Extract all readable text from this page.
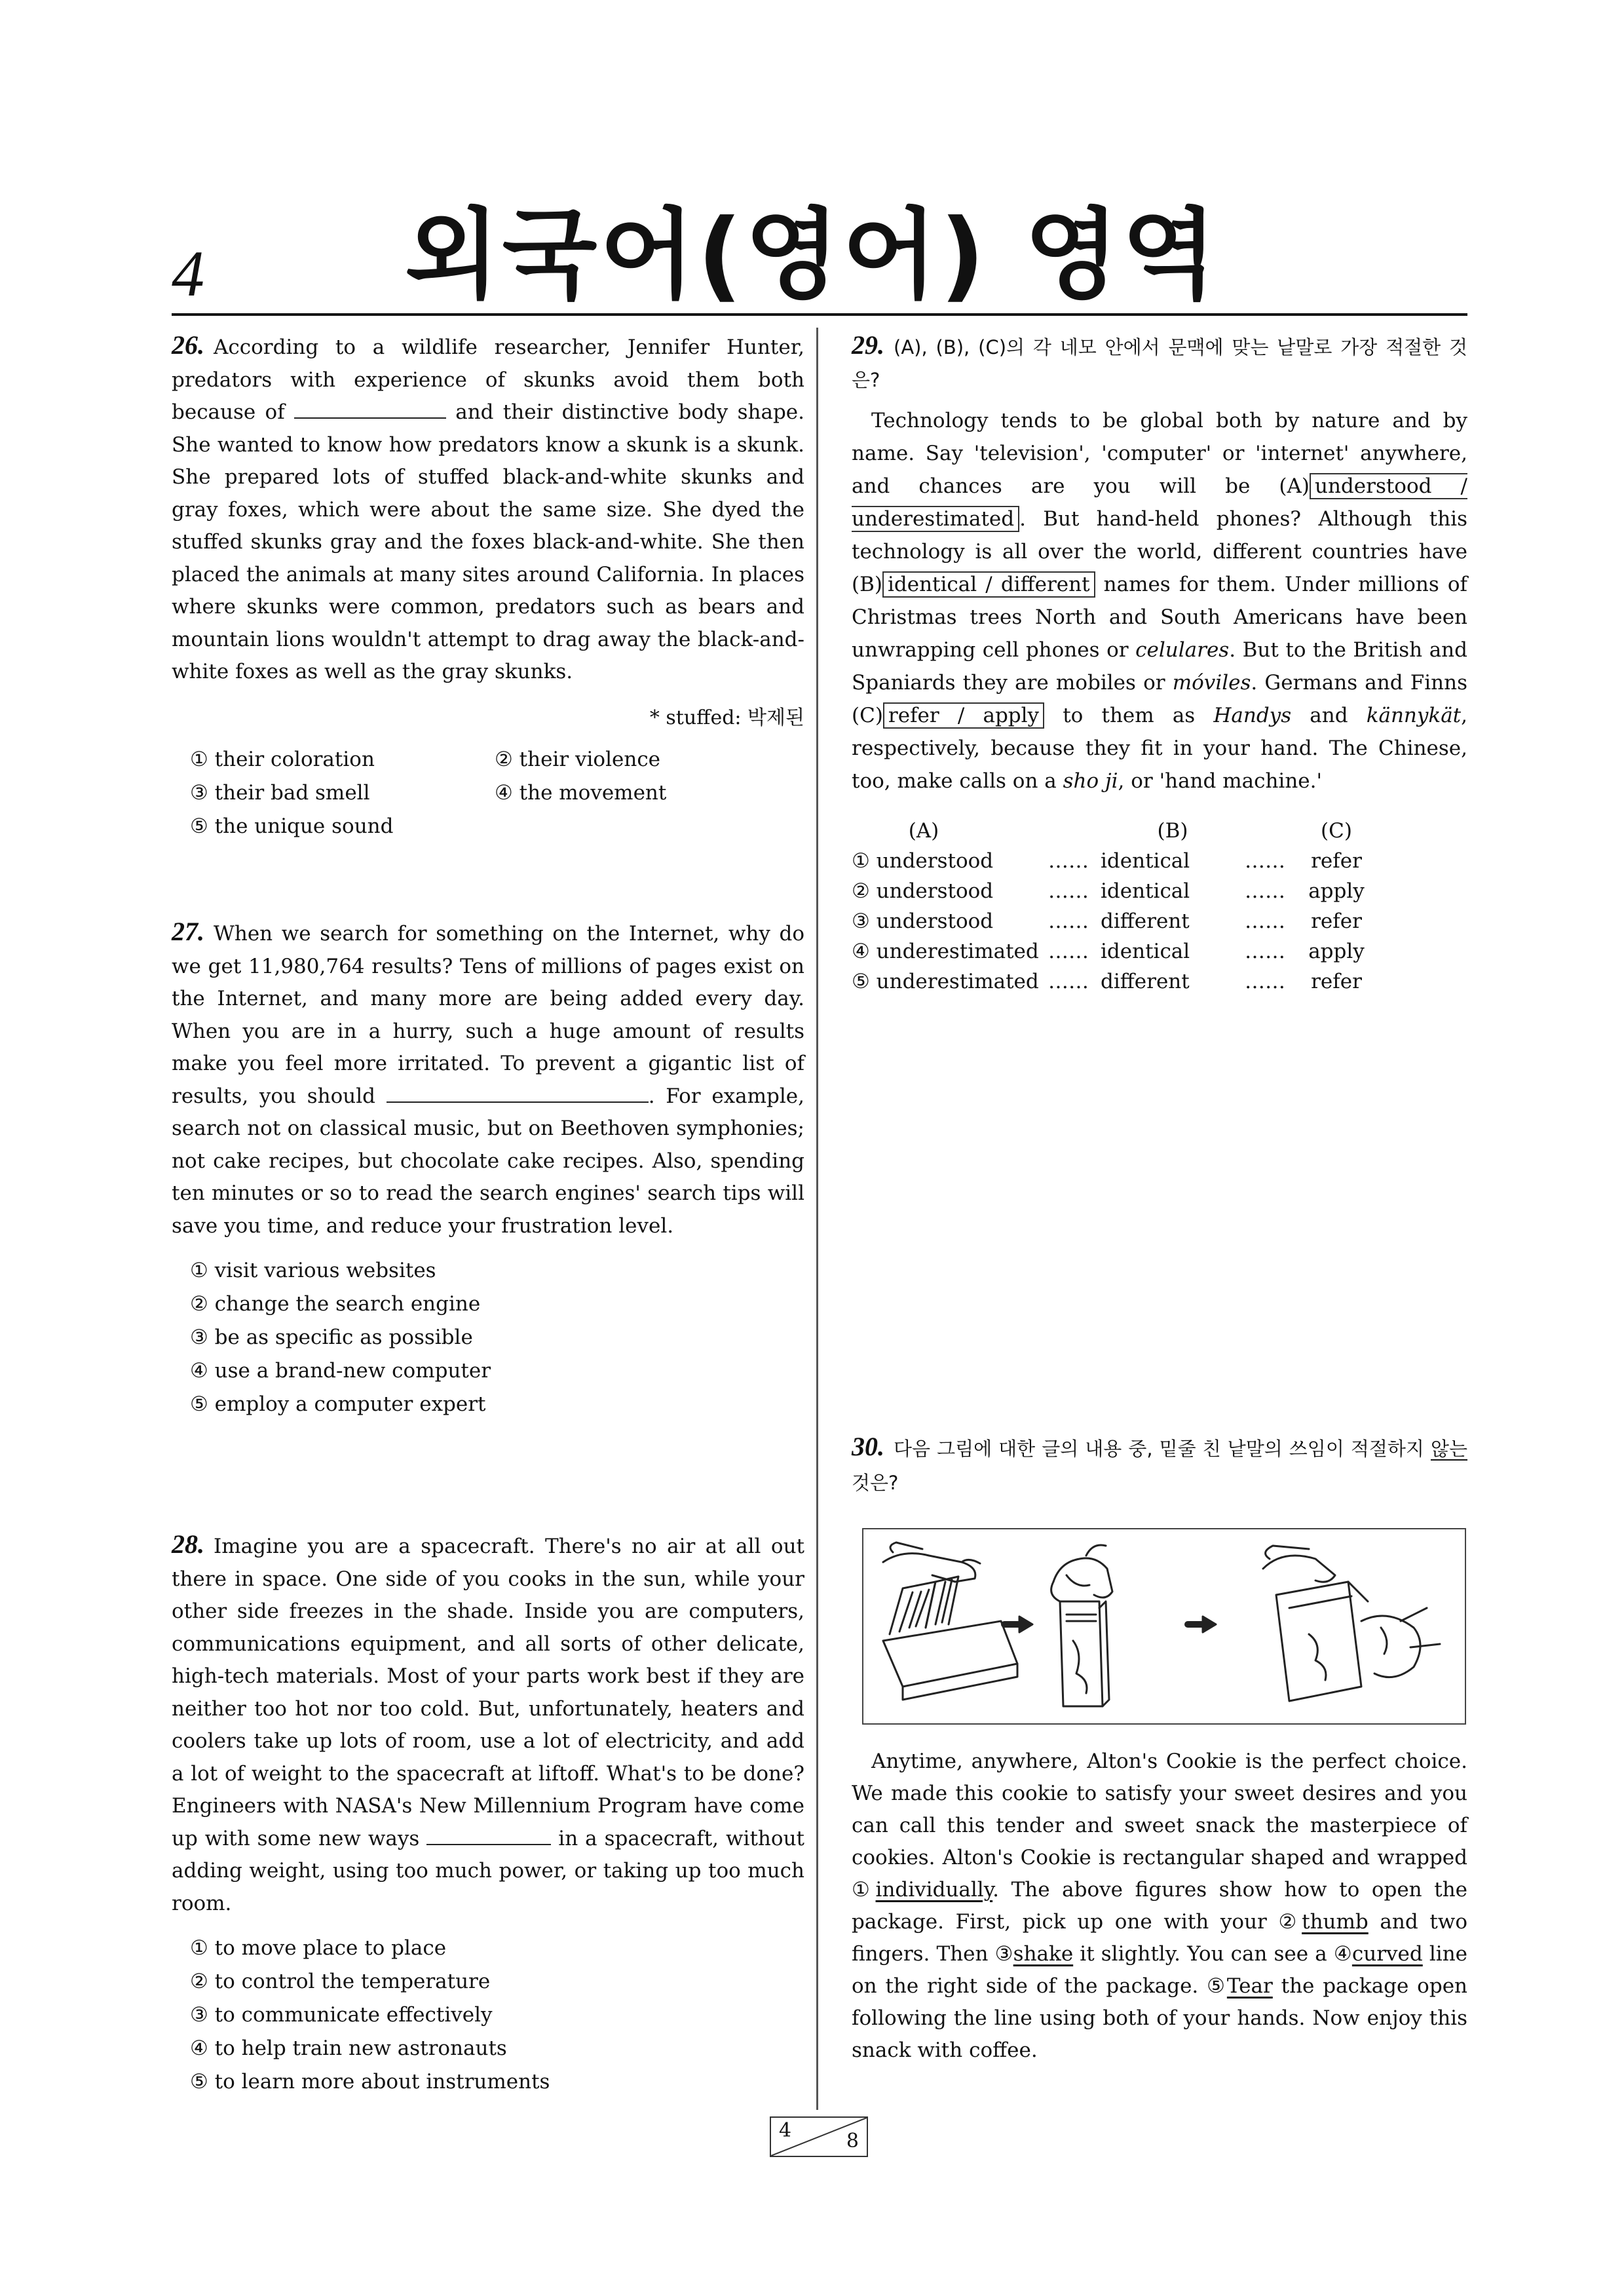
4	외국어(영어) 영역

26. According to a wildlife researcher, Jennifer Hunter, predators with experience of skunks avoid them both because of	and their distinctive body shape. She wanted to know how predators know a skunk is a skunk. She prepared lots of stuffed black-and-white skunks and gray foxes, which were about the same size. She dyed the stuffed skunks gray and the foxes black-and-white. She then placed the animals at many sites around California. In places where skunks were common, predators such as bears and mountain lions wouldn't attempt to drag away the black-and-white foxes as well as the gray skunks.

* stuffed: 박제된
① their coloration	② their violence
③ their bad smell	④ the movement
⑤ the unique sound

27. When we search for something on the Internet, why do we get 11,980,764 results? Tens of millions of pages exist on the Internet, and many more are being added every day. When you are in a hurry, such a huge amount of results make you feel more irritated. To prevent a gigantic list of results, you should	. For example, search not on classical music, but on Beethoven symphonies; not cake recipes, but chocolate cake recipes. Also, spending ten minutes or so to read the search engines' search tips will save you time, and reduce your frustration level.

① visit various websites
② change the search engine
③ be as specific as possible
④ use a brand-new computer
⑤ employ a computer expert

28. Imagine you are a spacecraft. There's no air at all out there in space. One side of you cooks in the sun, while your other side freezes in the shade. Inside you are computers, communications equipment, and all sorts of other delicate, high-tech materials. Most of your parts work best if they are neither too hot nor too cold. But, unfortunately, heaters and coolers take up lots of room, use a lot of electricity, and add a lot of weight to the spacecraft at liftoff. What's to be done? Engineers with NASA's New Millennium Program have come up with some new ways	in a spacecraft, without adding weight, using too much power, or taking up too much room.

① to move place to place
② to control the temperature
③ to communicate effectively
④ to help train new astronauts
⑤ to learn more about instruments

29. (A), (B), (C)의 각 네모 안에서 문맥에 맞는 낱말로 가장 적절한 것은?

Technology tends to be global both by nature and by name. Say 'television', 'computer' or 'internet' anywhere, and chances are you will be (A) understood / underestimated . But hand-held phones? Although this technology is all over the world, different countries have (B) identical / different names for them. Under millions of Christmas trees North and South Americans have been unwrapping cell phones or celulares. But to the British and Spaniards they are mobiles or móviles. Germans and Finns (C) refer / apply to them as Handys and kännykät, respectively, because they fit in your hand. The Chinese, too, make calls on a sho ji, or 'hand machine.'

(A)	(B)	(C)
① understood	…… identical	……	refer
② understood	…… identical	……	apply
③ understood	…… different	……	refer
④ underestimated …… identical	……	apply
⑤ underestimated …… different	……	refer

30. 다음 그림에 대한 글의 내용 중, 밑줄 친 낱말의 쓰임이 적절하지 않는 것은?

Anytime, anywhere, Alton's Cookie is the perfect choice. We made this cookie to satisfy your sweet desires and you can call this tender and sweet snack the masterpiece of cookies. Alton's Cookie is rectangular shaped and wrapped ①individually. The above figures show how to open the package. First, pick up one with your ②thumb and two fingers. Then ③shake it slightly. You can see a ④curved line on the right side of the package. ⑤Tear the package open following the line using both of your hands. Now enjoy this snack with coffee.

4	8
